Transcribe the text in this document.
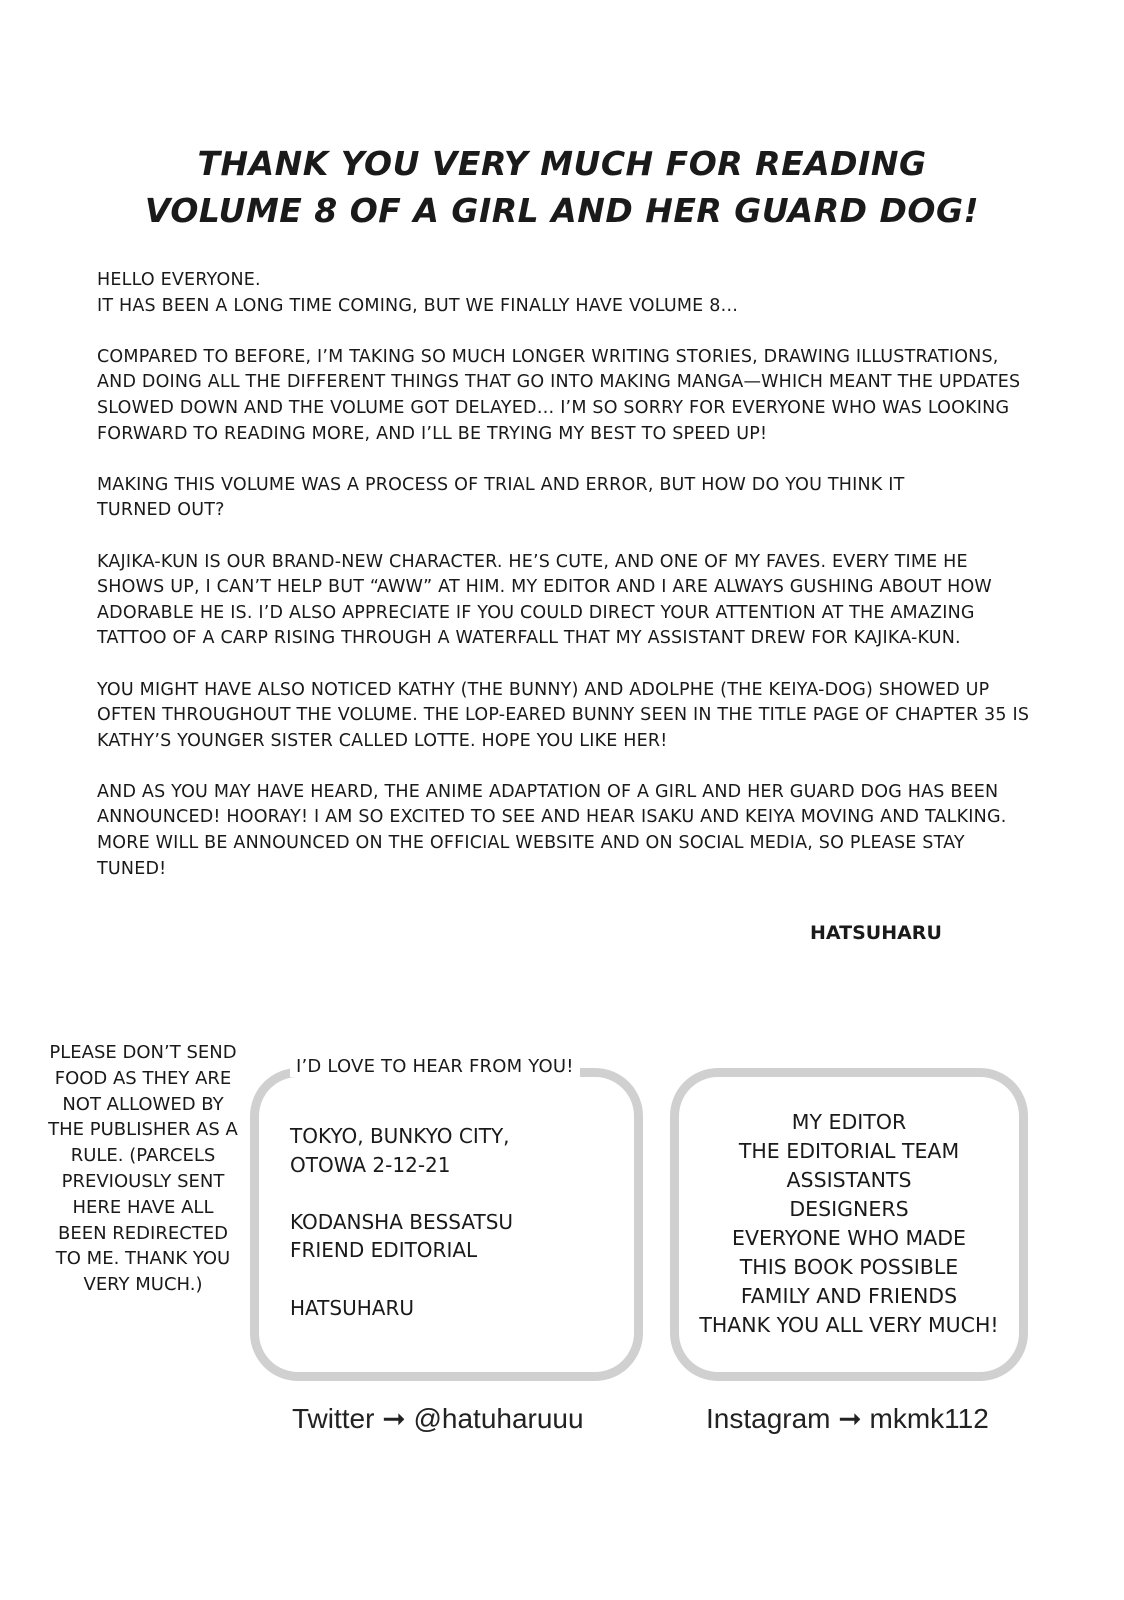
THANK YOU VERY MUCH FOR READING
VOLUME 8 OF A GIRL AND HER GUARD DOG!

HELLO EVERYONE.
IT HAS BEEN A LONG TIME COMING, BUT WE FINALLY HAVE VOLUME 8…

COMPARED TO BEFORE, I’M TAKING SO MUCH LONGER WRITING STORIES, DRAWING ILLUSTRATIONS, AND DOING ALL THE DIFFERENT THINGS THAT GO INTO MAKING MANGA—WHICH MEANT THE UPDATES SLOWED DOWN AND THE VOLUME GOT DELAYED… I’M SO SORRY FOR EVERYONE WHO WAS LOOKING FORWARD TO READING MORE, AND I’LL BE TRYING MY BEST TO SPEED UP!

MAKING THIS VOLUME WAS A PROCESS OF TRIAL AND ERROR, BUT HOW DO YOU THINK IT TURNED OUT?

KAJIKA-KUN IS OUR BRAND-NEW CHARACTER. HE’S CUTE, AND ONE OF MY FAVES. EVERY TIME HE SHOWS UP, I CAN’T HELP BUT “AWW” AT HIM. MY EDITOR AND I ARE ALWAYS GUSHING ABOUT HOW ADORABLE HE IS. I’D ALSO APPRECIATE IF YOU COULD DIRECT YOUR ATTENTION AT THE AMAZING TATTOO OF A CARP RISING THROUGH A WATERFALL THAT MY ASSISTANT DREW FOR KAJIKA-KUN.

YOU MIGHT HAVE ALSO NOTICED KATHY (THE BUNNY) AND ADOLPHE (THE KEIYA-DOG) SHOWED UP OFTEN THROUGHOUT THE VOLUME. THE LOP-EARED BUNNY SEEN IN THE TITLE PAGE OF CHAPTER 35 IS KATHY’S YOUNGER SISTER CALLED LOTTE. HOPE YOU LIKE HER!

AND AS YOU MAY HAVE HEARD, THE ANIME ADAPTATION OF A GIRL AND HER GUARD DOG HAS BEEN ANNOUNCED! HOORAY! I AM SO EXCITED TO SEE AND HEAR ISAKU AND KEIYA MOVING AND TALKING. MORE WILL BE ANNOUNCED ON THE OFFICIAL WEBSITE AND ON SOCIAL MEDIA, SO PLEASE STAY TUNED!

HATSUHARU
PLEASE DON’T SEND FOOD AS THEY ARE NOT ALLOWED BY THE PUBLISHER AS A RULE. (PARCELS PREVIOUSLY SENT HERE HAVE ALL BEEN REDIRECTED TO ME. THANK YOU VERY MUCH.)
I’D LOVE TO HEAR FROM YOU!
TOKYO, BUNKYO CITY,
OTOWA 2-12-21
KODANSHA BESSATSU
FRIEND EDITORIAL
HATSUHARU
MY EDITOR
THE EDITORIAL TEAM
ASSISTANTS
DESIGNERS
EVERYONE WHO MADE
THIS BOOK POSSIBLE
FAMILY AND FRIENDS
THANK YOU ALL VERY MUCH!
Twitter ➞ @hatuharuuu	Instagram ➞ mkmk112
